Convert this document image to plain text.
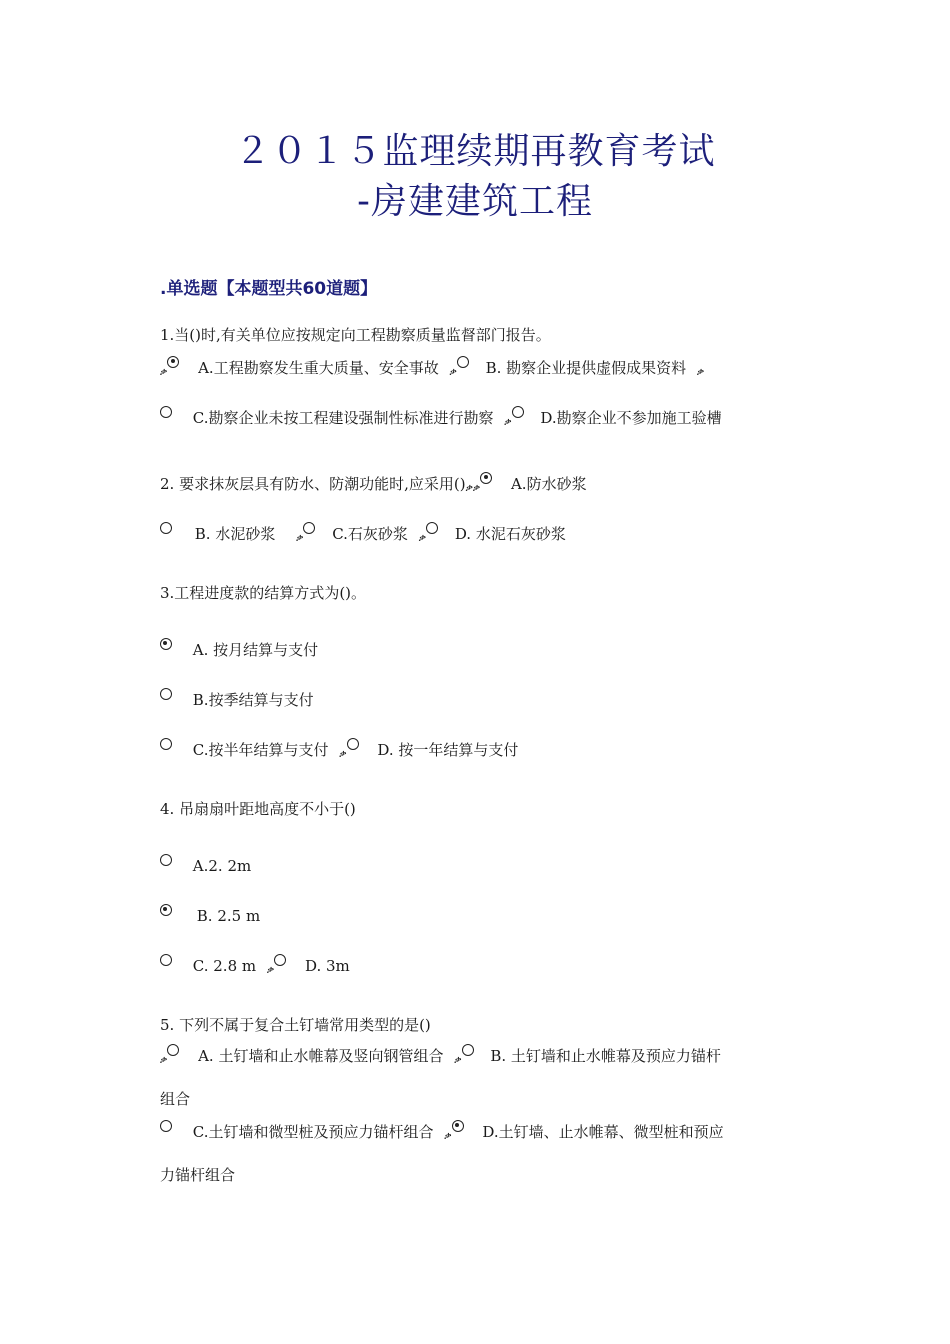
２０１５监理续期再教育考试
-房建建筑工程
.单选题【本题型共60道题】
1.当()时,有关单位应按规定向工程勘察质量监督部门报告。
ቃ A.工程勘察发生重大质量、安全事故 ቃ B. 勘察企业提供虚假成果资料 ቃ
C.勘察企业未按工程建设强制性标准进行勘察 ቃ D.勘察企业不参加施工验槽
2. 要求抹灰层具有防水、防潮功能时,应采用()ቃቃ A.防水砂浆
B. 水泥砂浆 ቃ C.石灰砂浆 ቃ D. 水泥石灰砂浆
3.工程进度款的结算方式为()。
A. 按月结算与支付
B.按季结算与支付
C.按半年结算与支付 ቃ D. 按一年结算与支付
4. 吊扇扇叶距地高度不小于()
A.2. 2m
B. 2.5 m
C. 2.8 m ቃ D. 3m
5. 下列不属于复合土钉墙常用类型的是()
ቃ A. 土钉墙和止水帷幕及竖向钢管组合 ቃ B. 土钉墙和止水帷幕及预应力锚杆
组合
C.土钉墙和微型桩及预应力锚杆组合 ቃ D.土钉墙、止水帷幕、微型桩和预应
力锚杆组合
